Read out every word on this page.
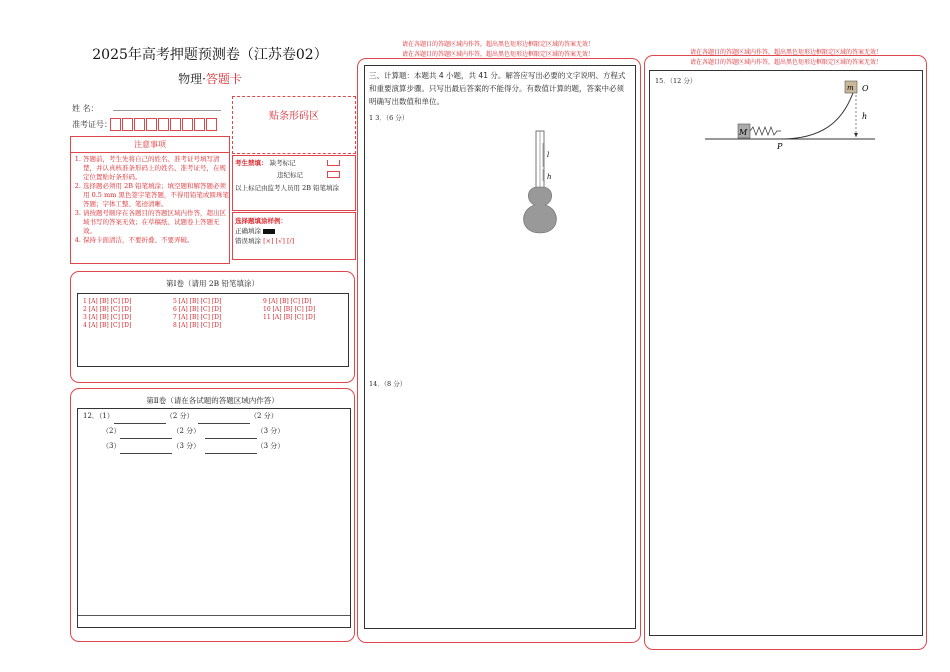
2025年高考押题预测卷（江苏卷02）
物理·答题卡
姓 名：
准考证号：
贴条形码区
注意事项
1. 答题前，考生先将自己的姓名、准考证号填写清楚，并认真核准条形码上的姓名、准考证号，在规定位置贴好条形码。
2. 选择题必须用 2B 铅笔填涂；填空题和解答题必须用 0.5 mm 黑色签字笔答题，不得用铅笔或圆珠笔答题；字体工整、笔迹清晰。
3. 请按题号顺序在各题目的答题区域内作答，超出区域书写的答案无效；在草稿纸、试题卷上答题无效。
4. 保持卡面清洁，不要折叠、不要弄破。
考生禁填： 缺考标记
违纪标记
以上标记由监考人员用 2B 铅笔填涂
选择题填涂样例：
正确填涂
错误填涂 [×] [√] [/]
第Ⅰ卷（请用 2B 铅笔填涂）
1 [A] [B] [C] [D]	5 [A] [B] [C] [D]	9 [A] [B] [C] [D]
2 [A] [B] [C] [D]	6 [A] [B] [C] [D]	10 [A] [B] [C] [D]
3 [A] [B] [C] [D]	7 [A] [B] [C] [D]	11 [A] [B] [C] [D]
4 [A] [B] [C] [D]	8 [A] [B] [C] [D]
第Ⅱ卷（请在各试题的答题区域内作答）
12．（1）	（2 分）	（2 分）
（2）	（2 分）	（3 分）
（3）	（3 分）	（3 分）
请在各题目的答题区域内作答，超出黑色矩形边框限定区域的答案无效！
请在各题目的答题区域内作答，超出黑色矩形边框限定区域的答案无效！
三、计算题：本题共 4 小题，共 41 分。解答应写出必要的文字说明、方程式和重要演算步骤。只写出最后答案的不能得分。有数值计算的题，答案中必须明确写出数值和单位。
1 3．（6 分）
l
h
14．（8 分）
请在各题目的答题区域内作答，超出黑色矩形边框限定区域的答案无效！
请在各题目的答题区域内作答，超出黑色矩形边框限定区域的答案无效！
15．（12 分）
M
m O
h
P
